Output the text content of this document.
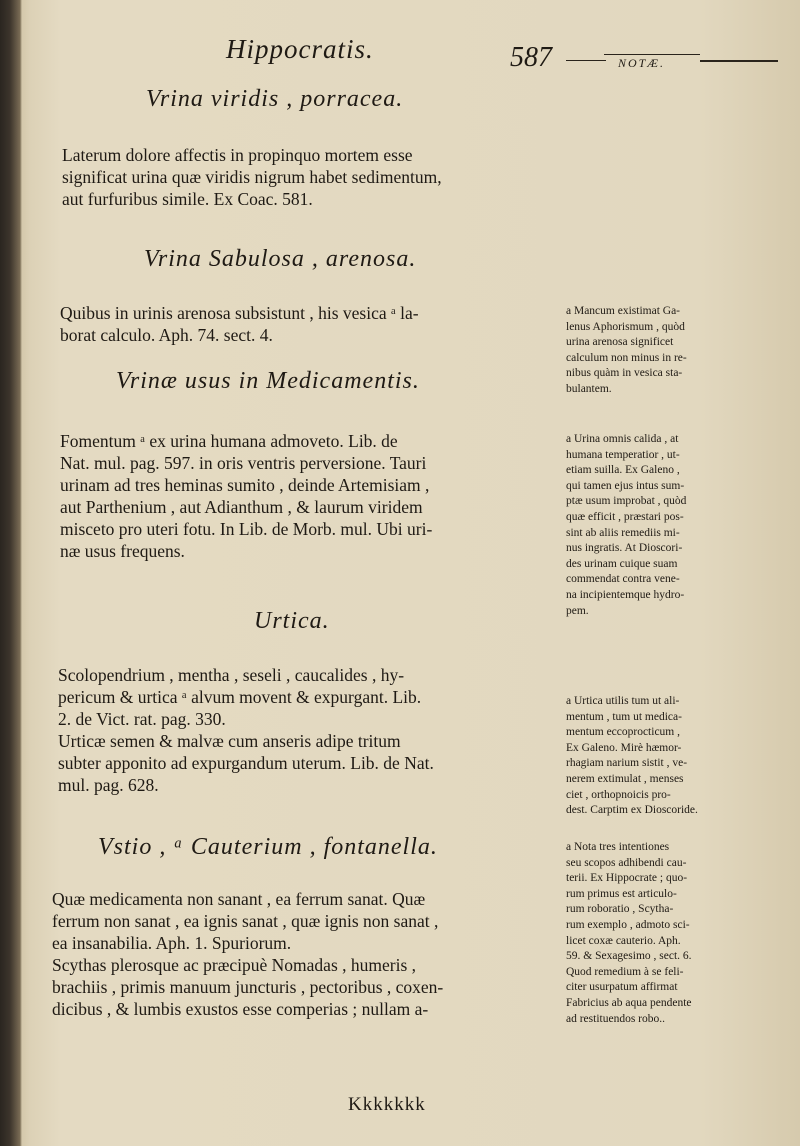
Hippocratis.	587	NOTÆ.
Vrina viridis , porracea.
Laterum dolore affectis in propinquo mortem esse
significat urina quæ viridis nigrum habet sedimentum,
aut furfuribus simile. Ex Coac. 581.
Vrina Sabulosa , arenosa.
Quibus in urinis arenosa subsistunt , his vesica ᵃ la-
borat calculo. Aph. 74. sect. 4.
Vrinæ usus in Medicamentis.
Fomentum ᵃ ex urina humana admoveto. Lib. de
Nat. mul. pag. 597. in oris ventris perversione. Tauri
urinam ad tres heminas sumito , deinde Artemisiam ,
aut Parthenium , aut Adianthum , & laurum viridem
misceto pro uteri fotu. In Lib. de Morb. mul. Ubi uri-
næ usus frequens.
Urtica.
Scolopendrium , mentha , seseli , caucalides , hy-
pericum & urtica ᵃ alvum movent & expurgant. Lib.
2. de Vict. rat. pag. 330.
Urticæ semen & malvæ cum anseris adipe tritum
subter apponito ad expurgandum uterum. Lib. de Nat.
mul. pag. 628.
Vstio , ᵃ Cauterium , fontanella.
Quæ medicamenta non sanant , ea ferrum sanat. Quæ
ferrum non sanat , ea ignis sanat , quæ ignis non sanat ,
ea insanabilia. Aph. 1. Spuriorum.
Scythas plerosque ac præcipuè Nomadas , humeris ,
brachiis , primis manuum juncturis , pectoribus , coxen-
dicibus , & lumbis exustos esse comperias ; nullam a-
a Mancum existimat Ga-
lenus Aphorismum , quòd
urina arenosa significet
calculum non minus in re-
nibus quàm in vesica sta-
bulantem.
a Urina omnis calida , at
humana temperatior , ut-
etiam suilla. Ex Galeno ,
qui tamen ejus intus sum-
ptæ usum improbat , quòd
quæ efficit , præstari pos-
sint ab aliis remediis mi-
nus ingratis. At Dioscori-
des urinam cuique suam
commendat contra vene-
na incipientemque hydro-
pem.
a Urtica utilis tum ut ali-
mentum , tum ut medica-
mentum eccoprocticum ,
Ex Galeno. Mirè hæmor-
rhagiam narium sistit , ve-
nerem extimulat , menses
ciet , orthopnoicis pro-
dest. Carptim ex Dioscoride.
a Nota tres intentiones
seu scopos adhibendi cau-
terii. Ex Hippocrate ; quo-
rum primus est articulo-
rum roboratio , Scytha-
rum exemplo , admoto sci-
licet coxæ cauterio. Aph.
59. & Sexagesimo , sect. 6.
Quod remedium à se feli-
citer usurpatum affirmat
Fabricius ab aqua pendente
ad restituendos robo..
Kkkkkkk
